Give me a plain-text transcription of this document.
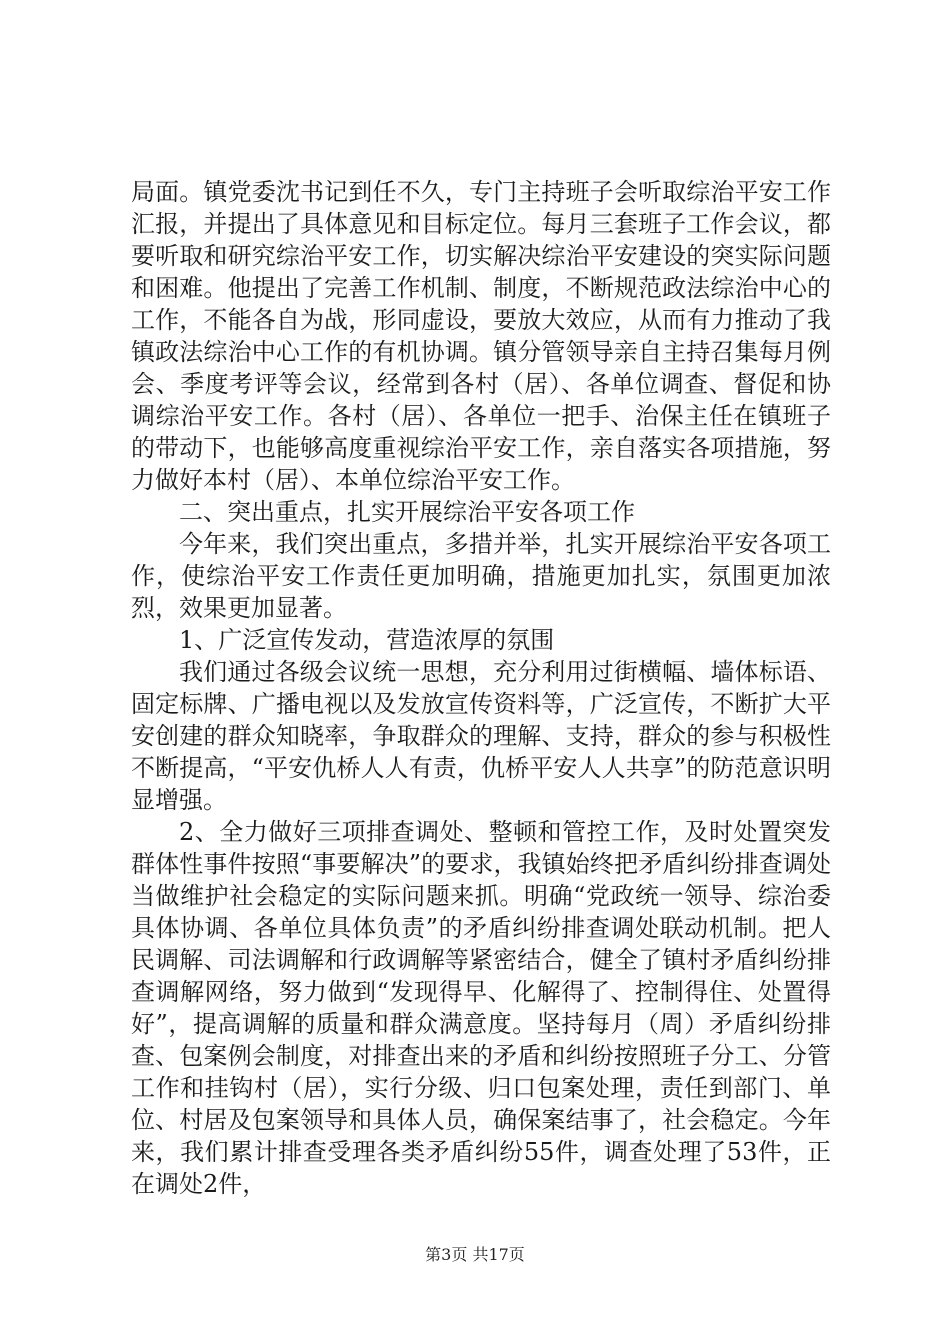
局面。镇党委沈书记到任不久，专门主持班子会听取综治平安工作汇报，并提出了具体意见和目标定位。每月三套班子工作会议，都要听取和研究综治平安工作，切实解决综治平安建设的突实际问题和困难。他提出了完善工作机制、制度，不断规范政法综治中心的工作，不能各自为战，形同虚设，要放大效应，从而有力推动了我镇政法综治中心工作的有机协调。镇分管领导亲自主持召集每月例会、季度考评等会议，经常到各村（居）、各单位调查、督促和协调综治平安工作。各村（居）、各单位一把手、治保主任在镇班子的带动下，也能够高度重视综治平安工作，亲自落实各项措施，努力做好本村（居）、本单位综治平安工作。

二、突出重点，扎实开展综治平安各项工作

今年来，我们突出重点，多措并举，扎实开展综治平安各项工作，使综治平安工作责任更加明确，措施更加扎实，氛围更加浓烈，效果更加显著。

1、广泛宣传发动，营造浓厚的氛围

我们通过各级会议统一思想，充分利用过街横幅、墙体标语、固定标牌、广播电视以及发放宣传资料等，广泛宣传，不断扩大平安创建的群众知晓率，争取群众的理解、支持，群众的参与积极性不断提高，“平安仇桥人人有责，仇桥平安人人共享”的防范意识明显增强。

2、全力做好三项排查调处、整顿和管控工作，及时处置突发群体性事件按照“事要解决”的要求，我镇始终把矛盾纠纷排查调处当做维护社会稳定的实际问题来抓。明确“党政统一领导、综治委具体协调、各单位具体负责”的矛盾纠纷排查调处联动机制。把人民调解、司法调解和行政调解等紧密结合，健全了镇村矛盾纠纷排查调解网络，努力做到“发现得早、化解得了、控制得住、处置得好”，提高调解的质量和群众满意度。坚持每月（周）矛盾纠纷排查、包案例会制度，对排查出来的矛盾和纠纷按照班子分工、分管工作和挂钩村（居），实行分级、归口包案处理，责任到部门、单位、村居及包案领导和具体人员，确保案结事了，社会稳定。今年来，我们累计排查受理各类矛盾纠纷55件，调查处理了53件，正在调处2件，

第3页 共17页
